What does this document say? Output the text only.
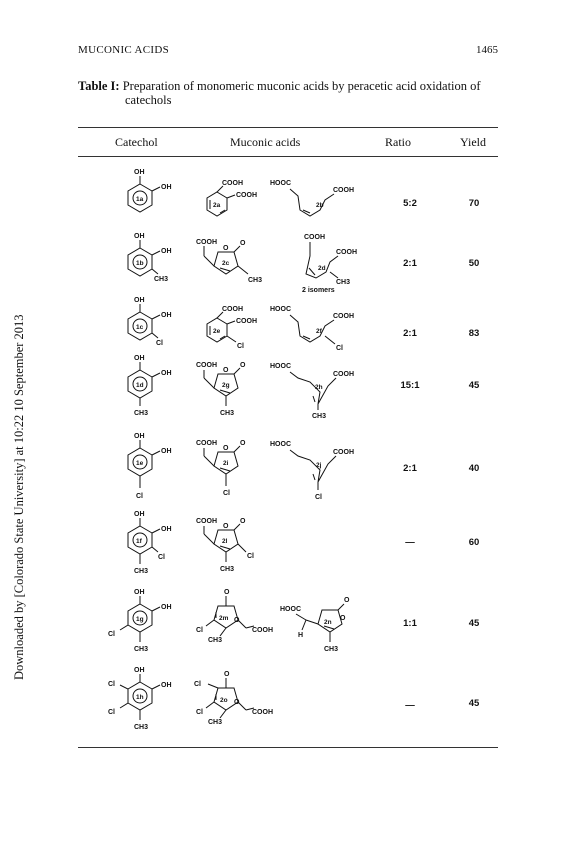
MUCONIC ACIDS	1465
Downloaded by [Colorado State University] at 10:22 10 September 2013
Table I: Preparation of monomeric muconic acids by peracetic acid oxidation of
catechols
Catechol	Muconic acids	Ratio	Yield
OH
OH
1a
COOH
COOH
2a
HOOC
COOH
2b	5:2	70
OH
OH
CH3
1b
COOH
O
O
CH3
2c
COOH
COOH
CH3
2d
2 isomers
2:1	50
OH
OH
Cl
1c
COOH
COOH
Cl
2e
HOOC
COOH
Cl
2f	2:1	83
OH
OH
CH3
1d
COOH
O
O
CH3
2g
HOOC
COOH
CH3
2h	15:1	45
OH
OH
Cl
1e
COOH
O
O
Cl
2i
HOOC
COOH
Cl
2j	2:1	40
OH
OH
Cl
CH3
1f
COOH
O
O
Cl
CH3
2l	—	60
OH
OH
Cl
CH3
1g
O
O
Cl
CH3
COOH
2m
HOOC
O
O
H
CH3
2n	1:1	45
OH
OH
Cl
Cl
CH3
1h
O
O
Cl
Cl
CH3
COOH
2o	—	45
